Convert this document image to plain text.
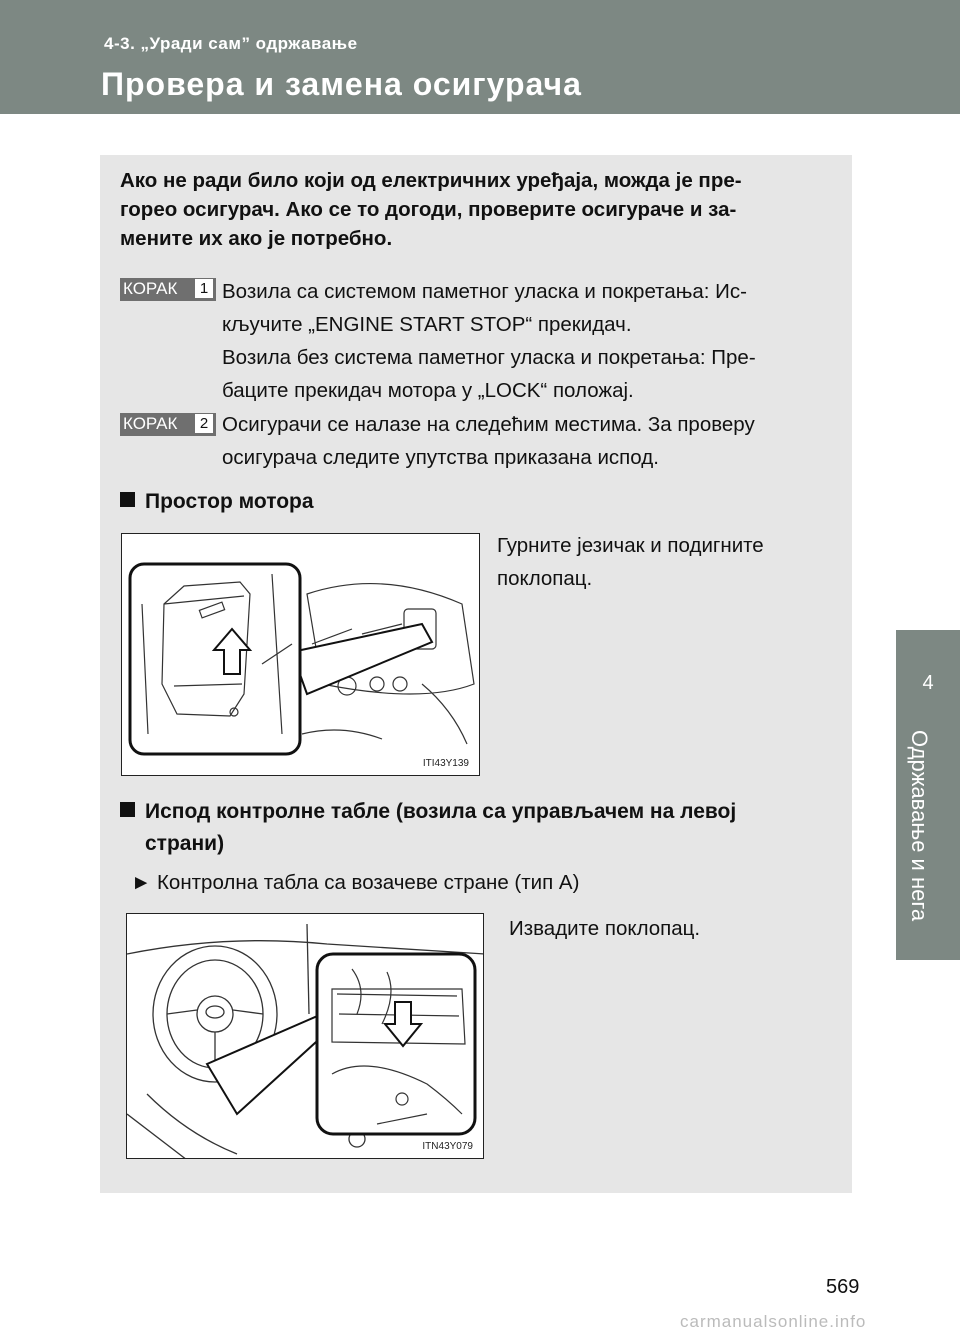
4-3. „Уради сам” одржавање
Провера и замена осигурача
4
Одржавање и нега
Ако не ради било који од електричних уређаја, можда је пре-
горео осигурач. Ако се то догоди, проверите осигураче и за-
мените их ако је потребно.
КОРАК	1 Возила са системом паметног уласка и покретања: Ис-
кључите „ENGINE START STOP“ прекидач.
Возила без система паметног уласка и покретања: Пре-
баците прекидач мотора у „LOCK“ положај.
КОРАК	2 Осигурачи се налазе на следећим местима. За проверу
осигурача следите упутства приказана испод.
Простор мотора
ITI43Y139
Гурните језичак и подигните
поклопац.
Испод контролне табле (возила са управљачем на левој
страни)
► Контролна табла са возачеве стране (тип А)
ITN43Y079
Извадите поклопац.
569
carmanualsonline.info
